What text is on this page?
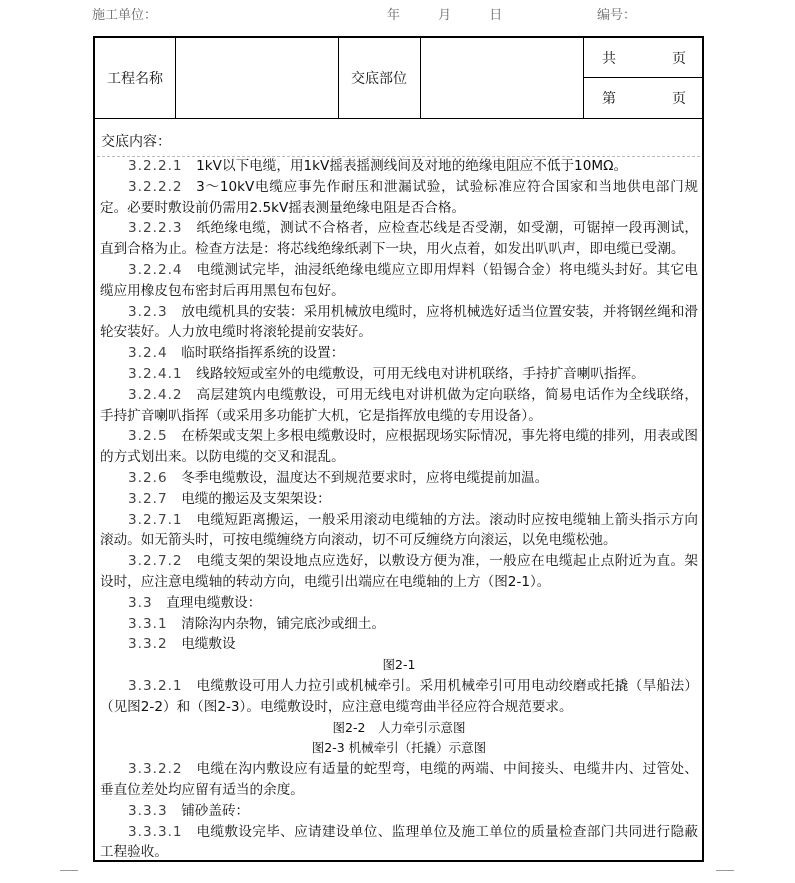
施工单位：	年 月 日	编号：
工程名称	交底部位
共　　　　页
第　　　　页
交底内容：

3.2.2.1  1kV以下电缆，用1kV摇表摇测线间及对地的绝缘电阻应不低于10MΩ。

3.2.2.2  3～10kV电缆应事先作耐压和泄漏试验，试验标准应符合国家和当地供电部门规定。必要时敷设前仍需用2.5kV摇表测量绝缘电阻是否合格。

3.2.2.3  纸绝缘电缆，测试不合格者，应检查芯线是否受潮，如受潮，可锯掉一段再测试，直到合格为止。检查方法是：将芯线绝缘纸剥下一块，用火点着，如发出叭叭声，即电缆已受潮。

3.2.2.4  电缆测试完毕，油浸纸绝缘电缆应立即用焊料（铅锡合金）将电缆头封好。其它电缆应用橡皮包布密封后再用黑包布包好。

3.2.3  放电缆机具的安装：采用机械放电缆时，应将机械选好适当位置安装，并将钢丝绳和滑轮安装好。人力放电缆时将滚轮提前安装好。

3.2.4  临时联络指挥系统的设置：

3.2.4.1  线路较短或室外的电缆敷设，可用无线电对讲机联络，手持扩音喇叭指挥。

3.2.4.2  高层建筑内电缆敷设，可用无线电对讲机做为定向联络，简易电话作为全线联络，手持扩音喇叭指挥（或采用多功能扩大机，它是指挥放电缆的专用设备）。

3.2.5  在桥架或支架上多根电缆敷设时，应根据现场实际情况，事先将电缆的排列，用表或图的方式划出来。以防电缆的交叉和混乱。

3.2.6  冬季电缆敷设，温度达不到规范要求时，应将电缆提前加温。

3.2.7  电缆的搬运及支架架设：

3.2.7.1  电缆短距离搬运，一般采用滚动电缆轴的方法。滚动时应按电缆轴上箭头指示方向滚动。如无箭头时，可按电缆缠绕方向滚动，切不可反缠绕方向滚运，以免电缆松弛。

3.2.7.2  电缆支架的架设地点应选好，以敷设方便为准，一般应在电缆起止点附近为直。架设时，应注意电缆轴的转动方向，电缆引出端应在电缆轴的上方（图2-1）。

3.3  直理电缆敷设：

3.3.1  清除沟内杂物，铺完底沙或细土。

3.3.2  电缆敷设

图2-1

3.3.2.1  电缆敷设可用人力拉引或机械牵引。采用机械牵引可用电动绞磨或托撬（旱船法）（见图2-2）和（图2-3）。电缆敷设时，应注意电缆弯曲半径应符合规范要求。

图2-2　人力牵引示意图

图2-3 机械牵引（托撬）示意图

3.3.2.2  电缆在沟内敷设应有适量的蛇型弯，电缆的两端、中间接头、电缆井内、过管处、垂直位差处均应留有适当的余度。

3.3.3  铺砂盖砖：

3.3.3.1  电缆敷设完毕、应请建设单位、监理单位及施工单位的质量检查部门共同进行隐蔽工程验收。
